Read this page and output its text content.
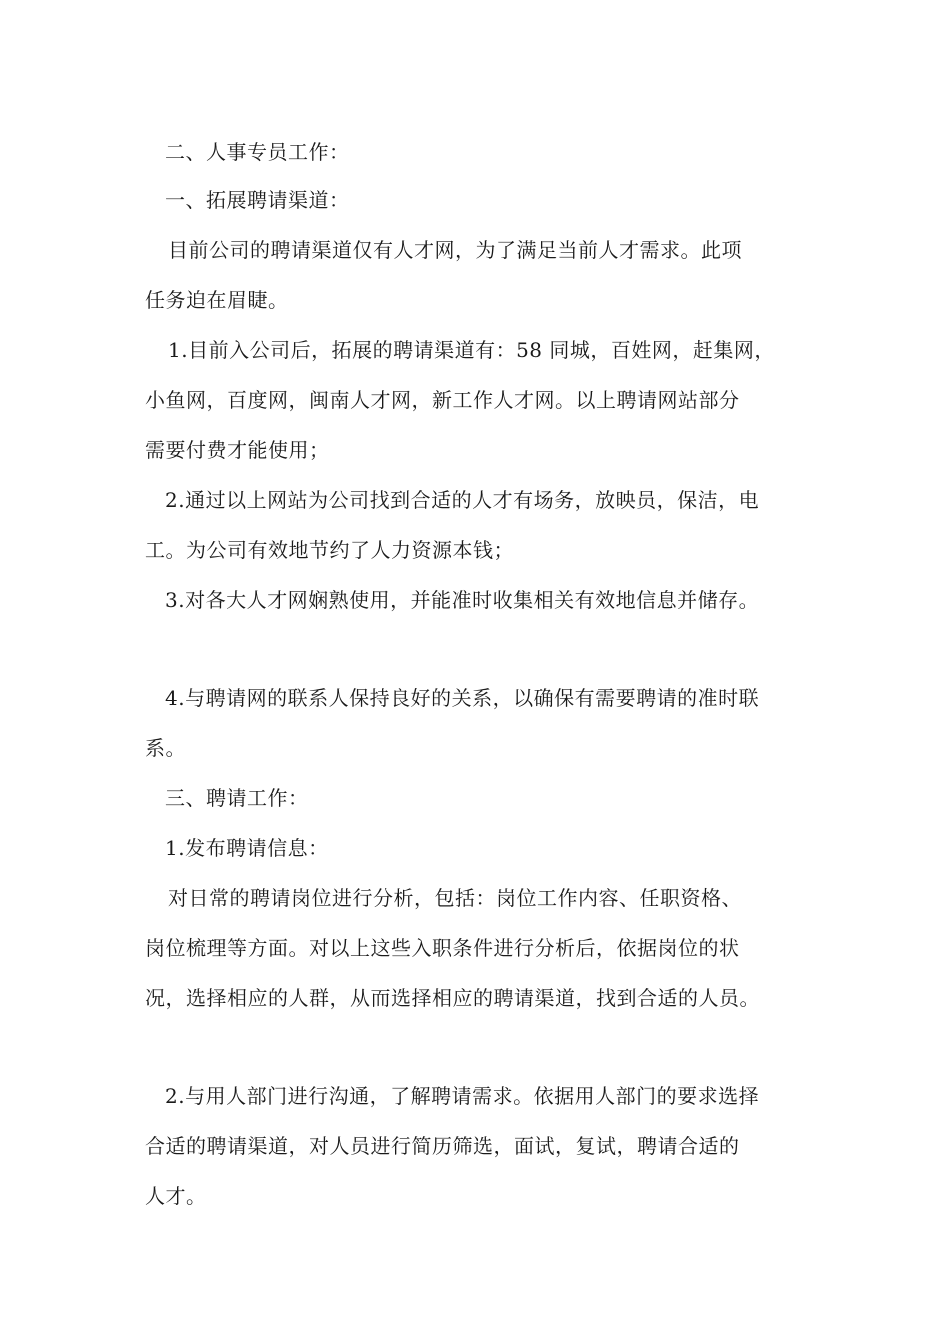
二、人事专员工作：
一、拓展聘请渠道：
目前公司的聘请渠道仅有人才网，为了满足当前人才需求。此项
任务迫在眉睫。
1.目前入公司后，拓展的聘请渠道有：58 同城，百姓网，赶集网，
小鱼网，百度网，闽南人才网，新工作人才网。以上聘请网站部分
需要付费才能使用；
2.通过以上网站为公司找到合适的人才有场务，放映员，保洁，电
工。为公司有效地节约了人力资源本钱；
3.对各大人才网娴熟使用，并能准时收集相关有效地信息并储存。
4.与聘请网的联系人保持良好的关系，以确保有需要聘请的准时联
系。
三、聘请工作：
1.发布聘请信息：
对日常的聘请岗位进行分析，包括：岗位工作内容、任职资格、
岗位梳理等方面。对以上这些入职条件进行分析后，依据岗位的状
况，选择相应的人群，从而选择相应的聘请渠道，找到合适的人员。
2.与用人部门进行沟通，了解聘请需求。依据用人部门的要求选择
合适的聘请渠道，对人员进行简历筛选，面试，复试，聘请合适的
人才。
